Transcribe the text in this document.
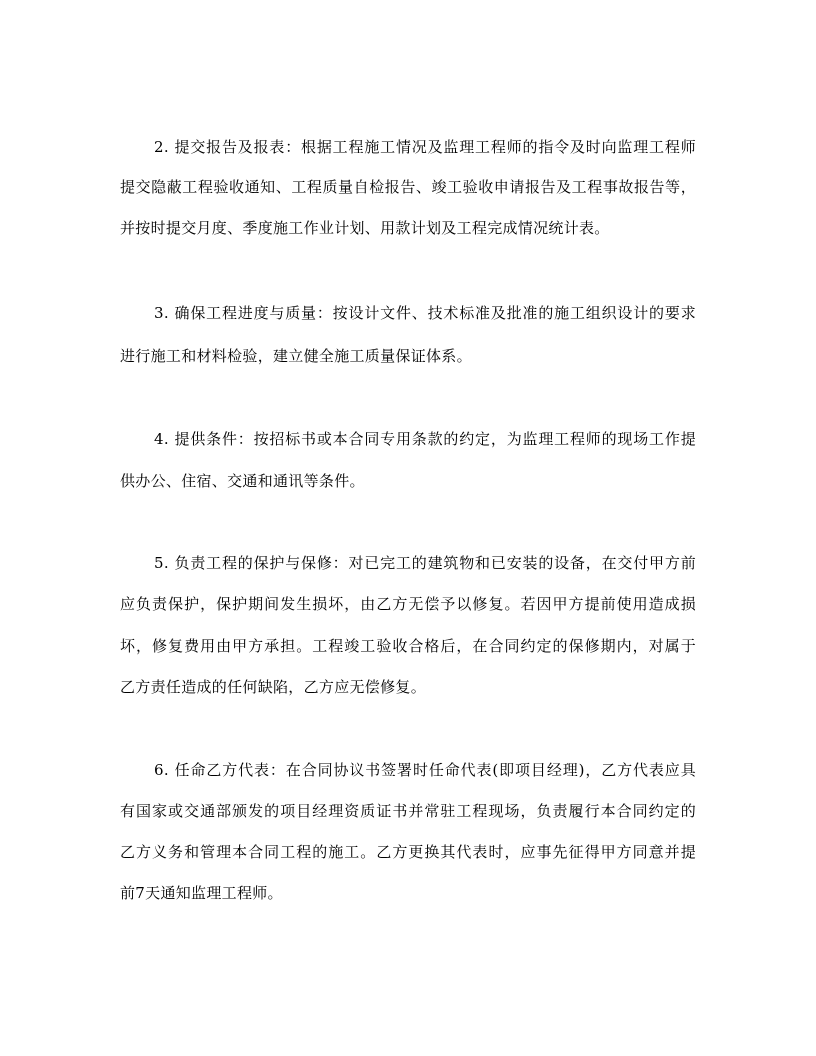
2. 提交报告及报表：根据工程施工情况及监理工程师的指令及时向监理工程师
提交隐蔽工程验收通知、工程质量自检报告、竣工验收申请报告及工程事故报告等，
并按时提交月度、季度施工作业计划、用款计划及工程完成情况统计表。
3. 确保工程进度与质量：按设计文件、技术标准及批准的施工组织设计的要求
进行施工和材料检验，建立健全施工质量保证体系。
4. 提供条件：按招标书或本合同专用条款的约定，为监理工程师的现场工作提
供办公、住宿、交通和通讯等条件。
5. 负责工程的保护与保修：对已完工的建筑物和已安装的设备，在交付甲方前
应负责保护，保护期间发生损坏，由乙方无偿予以修复。若因甲方提前使用造成损
坏，修复费用由甲方承担。工程竣工验收合格后，在合同约定的保修期内，对属于
乙方责任造成的任何缺陷，乙方应无偿修复。
6. 任命乙方代表：在合同协议书签署时任命代表(即项目经理)，乙方代表应具
有国家或交通部颁发的项目经理资质证书并常驻工程现场，负责履行本合同约定的
乙方义务和管理本合同工程的施工。乙方更换其代表时，应事先征得甲方同意并提
前7天通知监理工程师。
